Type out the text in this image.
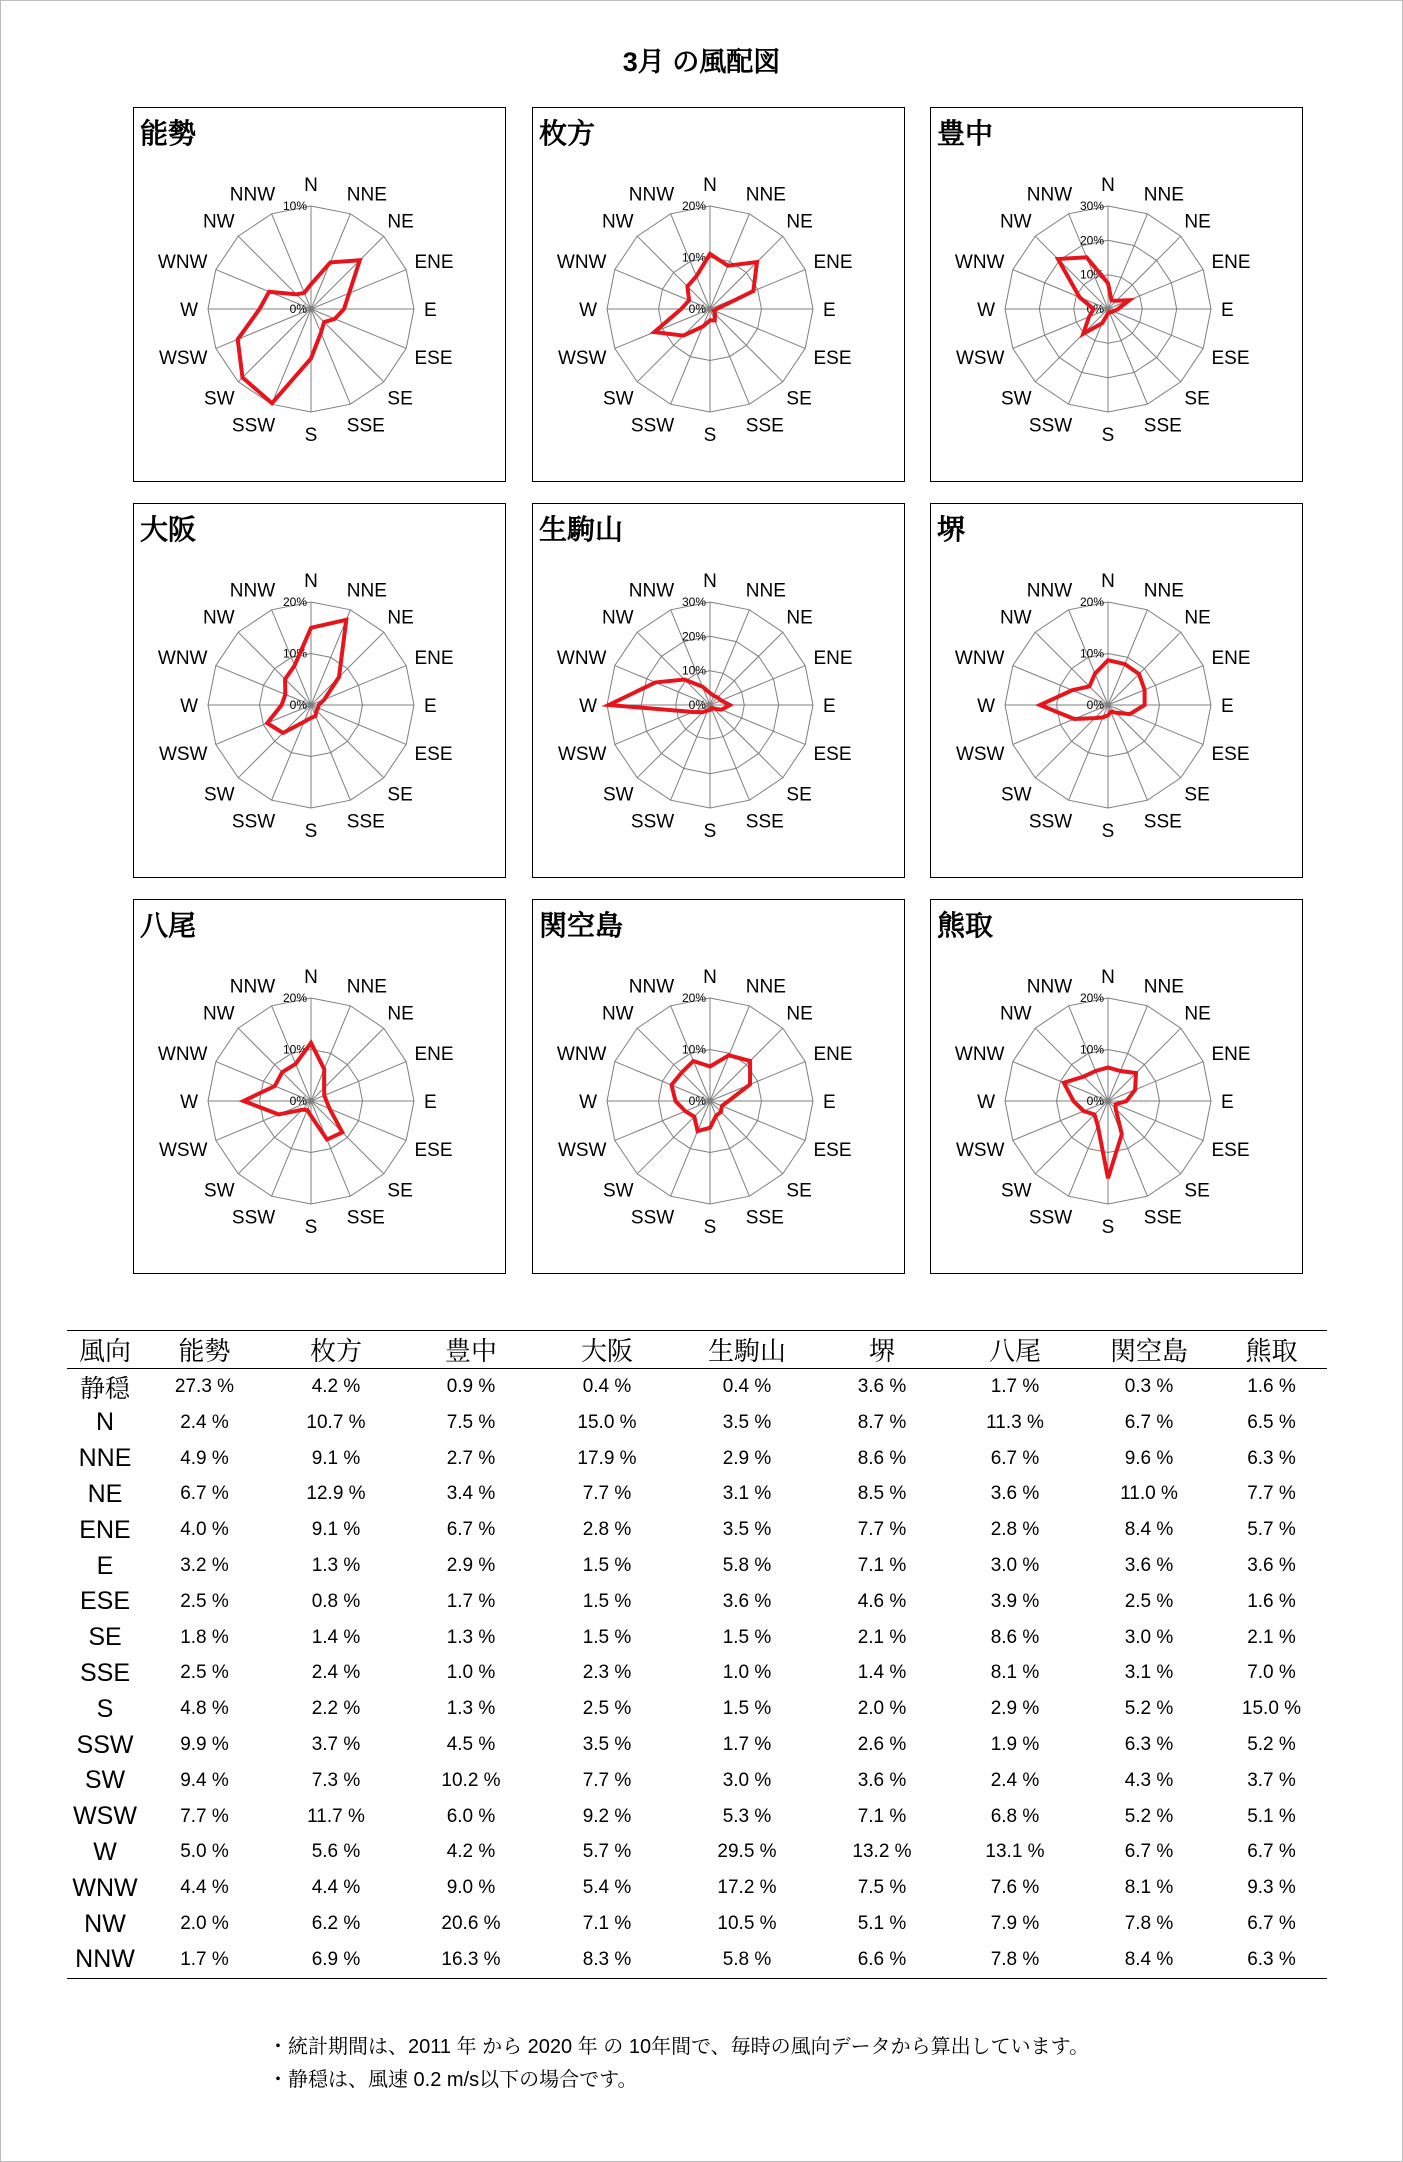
3月 の風配図
能勢
10%
0%
N NNE
NE
ENE
E
ESE
SE
SSE
S
SSW
SW
WSW
W
WNW
NW
NNW
枚方
20%
10%
0%
N NNE
NE
ENE
E
ESE
SE
SSE
S
SSW
SW
WSW
W
WNW
NW
NNW
豊中
30%
20%
10%
0%
N NNE
NE
ENE
E
ESE
SE
SSE
S
SSW
SW
WSW
W
WNW
NW
NNW
大阪
20%
10%
0%
N NNE
NE
ENE
E
ESE
SE
SSE
S
SSW
SW
WSW
W
WNW
NW
NNW
生駒山
30%
20%
10%
0%
N NNE
NE
ENE
E
ESE
SE
SSE
S
SSW
SW
WSW
W
WNW
NW
NNW
堺
20%
10%
0%
N NNE
NE
ENE
E
ESE
SE
SSE
S
SSW
SW
WSW
W
WNW
NW
NNW
八尾
20%
10%
0%
N NNE
NE
ENE
E
ESE
SE
SSE
S
SSW
SW
WSW
W
WNW
NW
NNW
関空島
20%
10%
0%
N NNE
NE
ENE
E
ESE
SE
SSE
S
SSW
SW
WSW
W
WNW
NW
NNW
熊取
20%
10%
0%
N NNE
NE
ENE
E
ESE
SE
SSE
S
SSW
SW
WSW
W
WNW
NW
NNW
風向	能勢	枚方	豊中	大阪	生駒山	堺	八尾	関空島	熊取
静穏	27.3 %	4.2 %	0.9 %	0.4 %	0.4 %	3.6 %	1.7 %	0.3 %	1.6 %
N	2.4 %	10.7 %	7.5 %	15.0 %	3.5 %	8.7 %	11.3 %	6.7 %	6.5 %
NNE	4.9 %	9.1 %	2.7 %	17.9 %	2.9 %	8.6 %	6.7 %	9.6 %	6.3 %
NE	6.7 %	12.9 %	3.4 %	7.7 %	3.1 %	8.5 %	3.6 %	11.0 %	7.7 %
ENE	4.0 %	9.1 %	6.7 %	2.8 %	3.5 %	7.7 %	2.8 %	8.4 %	5.7 %
E	3.2 %	1.3 %	2.9 %	1.5 %	5.8 %	7.1 %	3.0 %	3.6 %	3.6 %
ESE	2.5 %	0.8 %	1.7 %	1.5 %	3.6 %	4.6 %	3.9 %	2.5 %	1.6 %
SE	1.8 %	1.4 %	1.3 %	1.5 %	1.5 %	2.1 %	8.6 %	3.0 %	2.1 %
SSE	2.5 %	2.4 %	1.0 %	2.3 %	1.0 %	1.4 %	8.1 %	3.1 %	7.0 %
S	4.8 %	2.2 %	1.3 %	2.5 %	1.5 %	2.0 %	2.9 %	5.2 %	15.0 %
SSW	9.9 %	3.7 %	4.5 %	3.5 %	1.7 %	2.6 %	1.9 %	6.3 %	5.2 %
SW	9.4 %	7.3 %	10.2 %	7.7 %	3.0 %	3.6 %	2.4 %	4.3 %	3.7 %
WSW	7.7 %	11.7 %	6.0 %	9.2 %	5.3 %	7.1 %	6.8 %	5.2 %	5.1 %
W	5.0 %	5.6 %	4.2 %	5.7 %	29.5 %	13.2 %	13.1 %	6.7 %	6.7 %
WNW	4.4 %	4.4 %	9.0 %	5.4 %	17.2 %	7.5 %	7.6 %	8.1 %	9.3 %
NW	2.0 %	6.2 %	20.6 %	7.1 %	10.5 %	5.1 %	7.9 %	7.8 %	6.7 %
NNW	1.7 %	6.9 %	16.3 %	8.3 %	5.8 %	6.6 %	7.8 %	8.4 %	6.3 %
・統計期間は、2011 年 から 2020 年 の 10年間で、毎時の風向データから算出しています。
・静穏は、風速 0.2 m/s以下の場合です。
